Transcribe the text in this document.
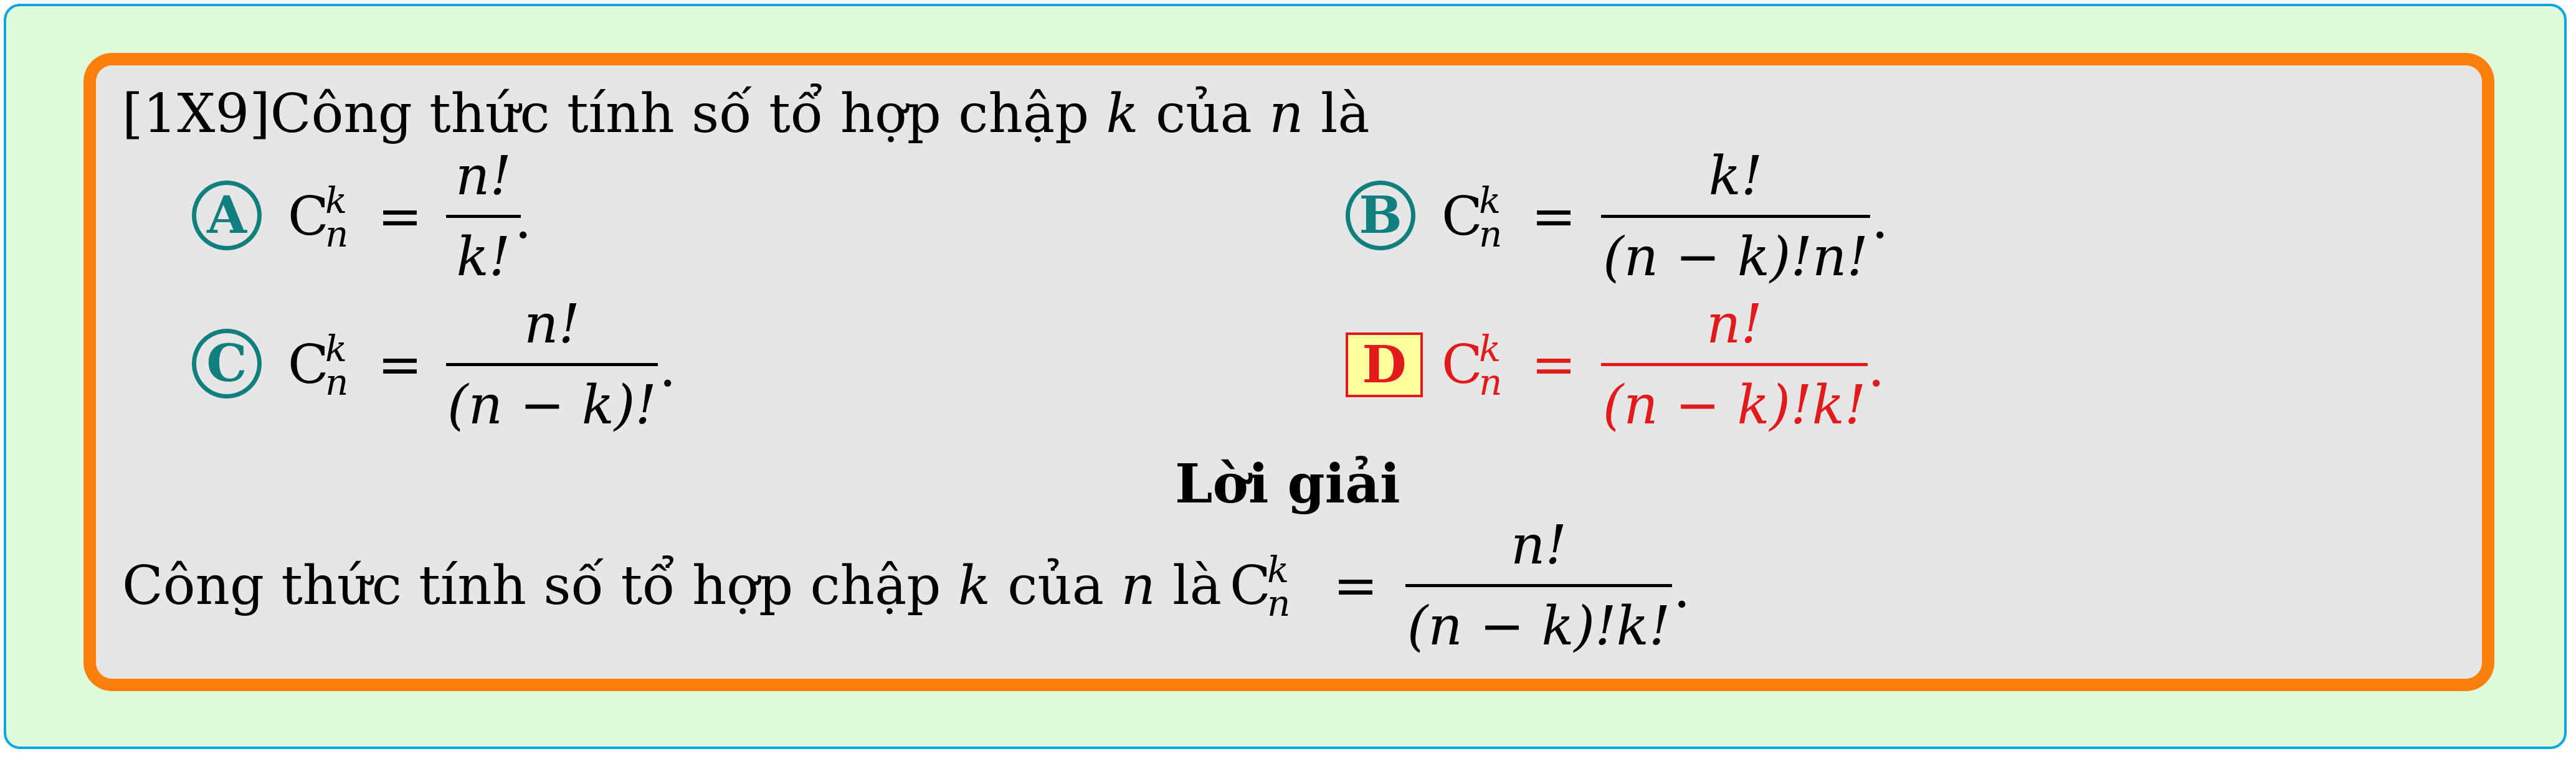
[1X9]Công thức tính số tổ hợp chập k của n là
A C
k
n =
n!
k!
.	B C
k
n =
k!
(n − k)!n!
.
C C
k
n =
n!
(n − k)!
.	D C
k
n =
n!
(n − k)!k!
.
Lời giải
Công thức tính số tổ hợp chập k của n là C
k
n =
n!
(n − k)!k!
.
